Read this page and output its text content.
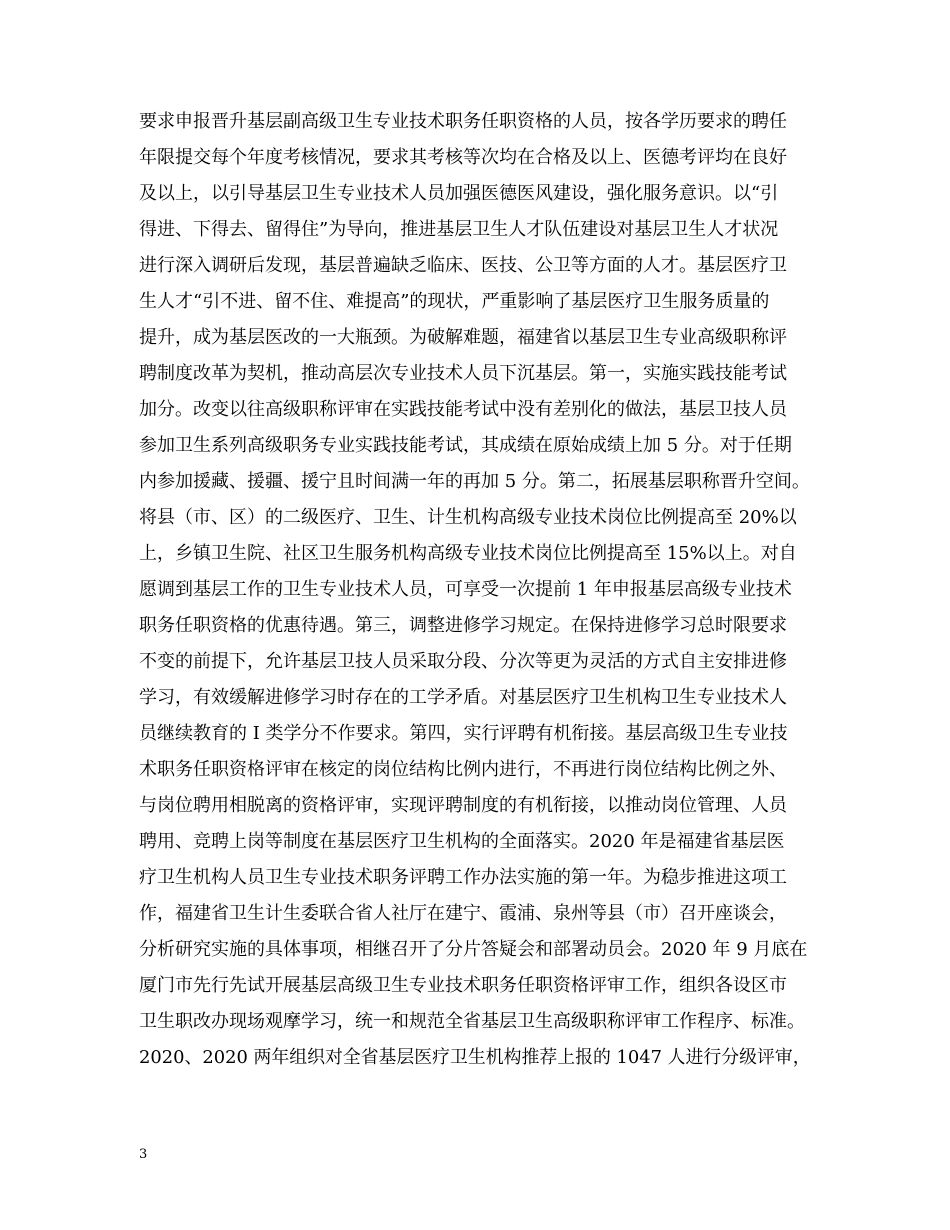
要求申报晋升基层副高级卫生专业技术职务任职资格的人员，按各学历要求的聘任
年限提交每个年度考核情况，要求其考核等次均在合格及以上、医德考评均在良好
及以上，以引导基层卫生专业技术人员加强医德医风建设，强化服务意识。以“引
得进、下得去、留得住”为导向，推进基层卫生人才队伍建设对基层卫生人才状况
进行深入调研后发现，基层普遍缺乏临床、医技、公卫等方面的人才。基层医疗卫
生人才“引不进、留不住、难提高”的现状，严重影响了基层医疗卫生服务质量的
提升，成为基层医改的一大瓶颈。为破解难题，福建省以基层卫生专业高级职称评
聘制度改革为契机，推动高层次专业技术人员下沉基层。第一，实施实践技能考试
加分。改变以往高级职称评审在实践技能考试中没有差别化的做法，基层卫技人员
参加卫生系列高级职务专业实践技能考试，其成绩在原始成绩上加 5 分。对于任期
内参加援藏、援疆、援宁且时间满一年的再加 5 分。第二，拓展基层职称晋升空间。
将县（市、区）的二级医疗、卫生、计生机构高级专业技术岗位比例提高至 20%以
上，乡镇卫生院、社区卫生服务机构高级专业技术岗位比例提高至 15%以上。对自
愿调到基层工作的卫生专业技术人员，可享受一次提前 1 年申报基层高级专业技术
职务任职资格的优惠待遇。第三，调整进修学习规定。在保持进修学习总时限要求
不变的前提下，允许基层卫技人员采取分段、分次等更为灵活的方式自主安排进修
学习，有效缓解进修学习时存在的工学矛盾。对基层医疗卫生机构卫生专业技术人
员继续教育的 I 类学分不作要求。第四，实行评聘有机衔接。基层高级卫生专业技
术职务任职资格评审在核定的岗位结构比例内进行，不再进行岗位结构比例之外、
与岗位聘用相脱离的资格评审，实现评聘制度的有机衔接，以推动岗位管理、人员
聘用、竞聘上岗等制度在基层医疗卫生机构的全面落实。2020 年是福建省基层医
疗卫生机构人员卫生专业技术职务评聘工作办法实施的第一年。为稳步推进这项工
作，福建省卫生计生委联合省人社厅在建宁、霞浦、泉州等县（市）召开座谈会，
分析研究实施的具体事项，相继召开了分片答疑会和部署动员会。2020 年 9 月底在
厦门市先行先试开展基层高级卫生专业技术职务任职资格评审工作，组织各设区市
卫生职改办现场观摩学习，统一和规范全省基层卫生高级职称评审工作程序、标准。
2020、2020 两年组织对全省基层医疗卫生机构推荐上报的 1047 人进行分级评审，
3
